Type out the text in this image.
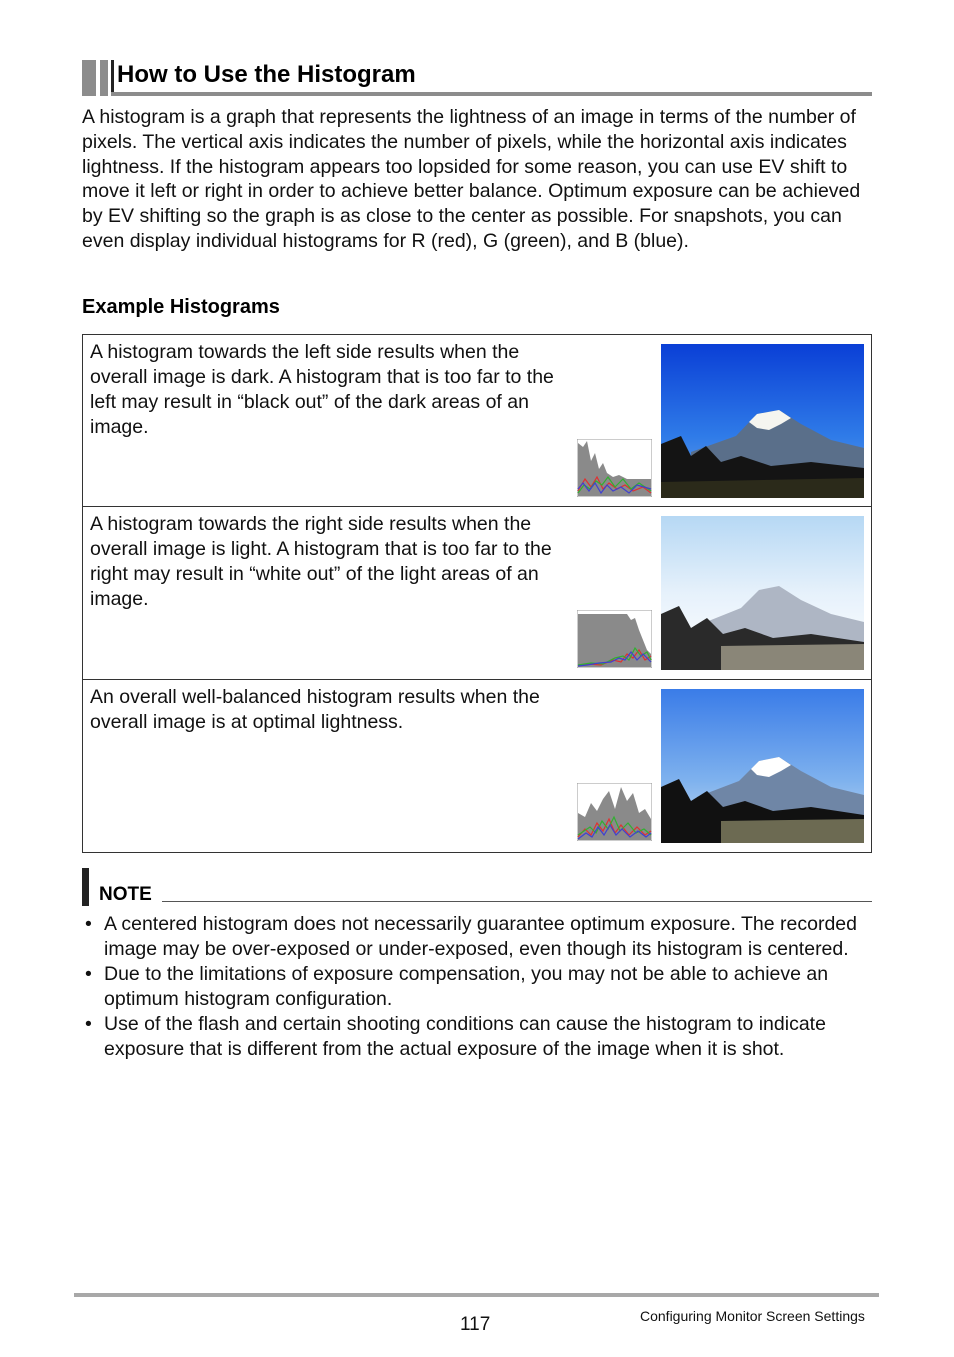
How to Use the Histogram

A histogram is a graph that represents the lightness of an image in terms of the number of pixels. The vertical axis indicates the number of pixels, while the horizontal axis indicates lightness. If the histogram appears too lopsided for some reason, you can use EV shift to move it left or right in order to achieve better balance. Optimum exposure can be achieved by EV shifting so the graph is as close to the center as possible. For snapshots, you can even display individual histograms for R (red), G (green), and B (blue).

Example Histograms

A histogram towards the left side results when the overall image is dark. A histogram that is too far to the left may result in “black out” of the dark areas of an image.

A histogram towards the right side results when the overall image is light. A histogram that is too far to the right may result in “white out” of the light areas of an image.

An overall well-balanced histogram results when the overall image is at optimal lightness.

NOTE
• A centered histogram does not necessarily guarantee optimum exposure. The recorded image may be over-exposed or under-exposed, even though its histogram is centered.
• Due to the limitations of exposure compensation, you may not be able to achieve an optimum histogram configuration.
• Use of the flash and certain shooting conditions can cause the histogram to indicate exposure that is different from the actual exposure of the image when it is shot.
117	Configuring Monitor Screen Settings
